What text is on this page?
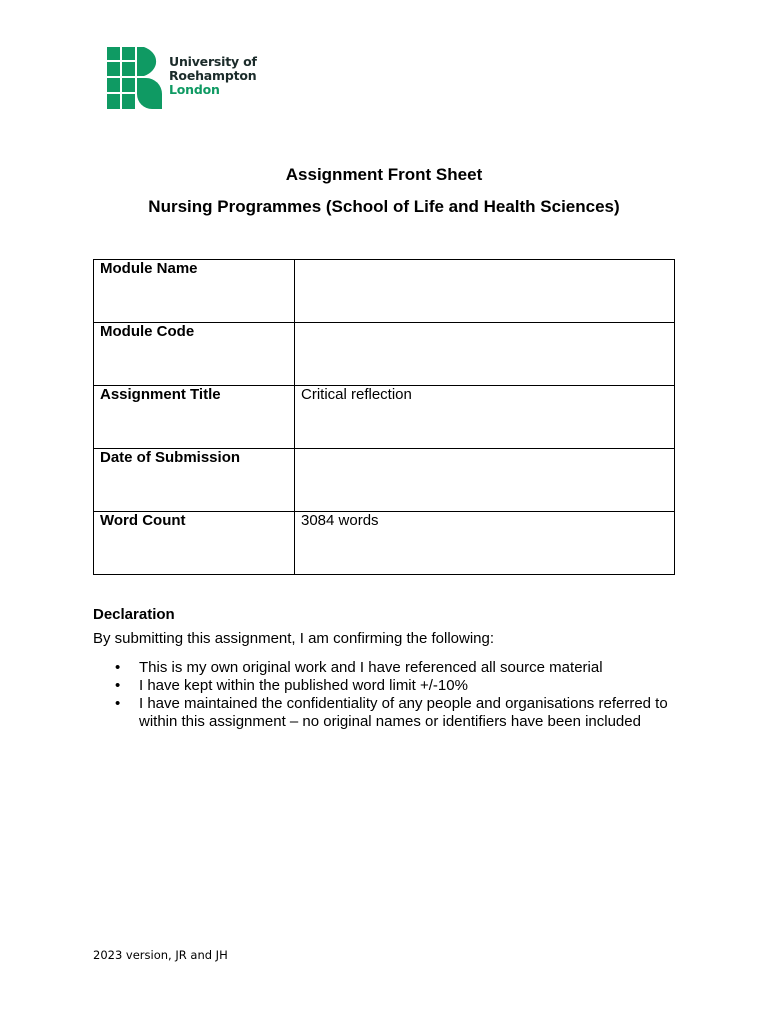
University of
Roehampton
London
Assignment Front Sheet
Nursing Programmes (School of Life and Health Sciences)
Module Name	
Module Code	
Assignment Title	Critical reflection
Date of Submission	
Word Count	3084 words
Declaration
By submitting this assignment, I am confirming the following:
• This is my own original work and I have referenced all source material
• I have kept within the published word limit +/-10%
• I have maintained the confidentiality of any people and organisations referred to within this assignment – no original names or identifiers have been included
2023 version, JR and JH
